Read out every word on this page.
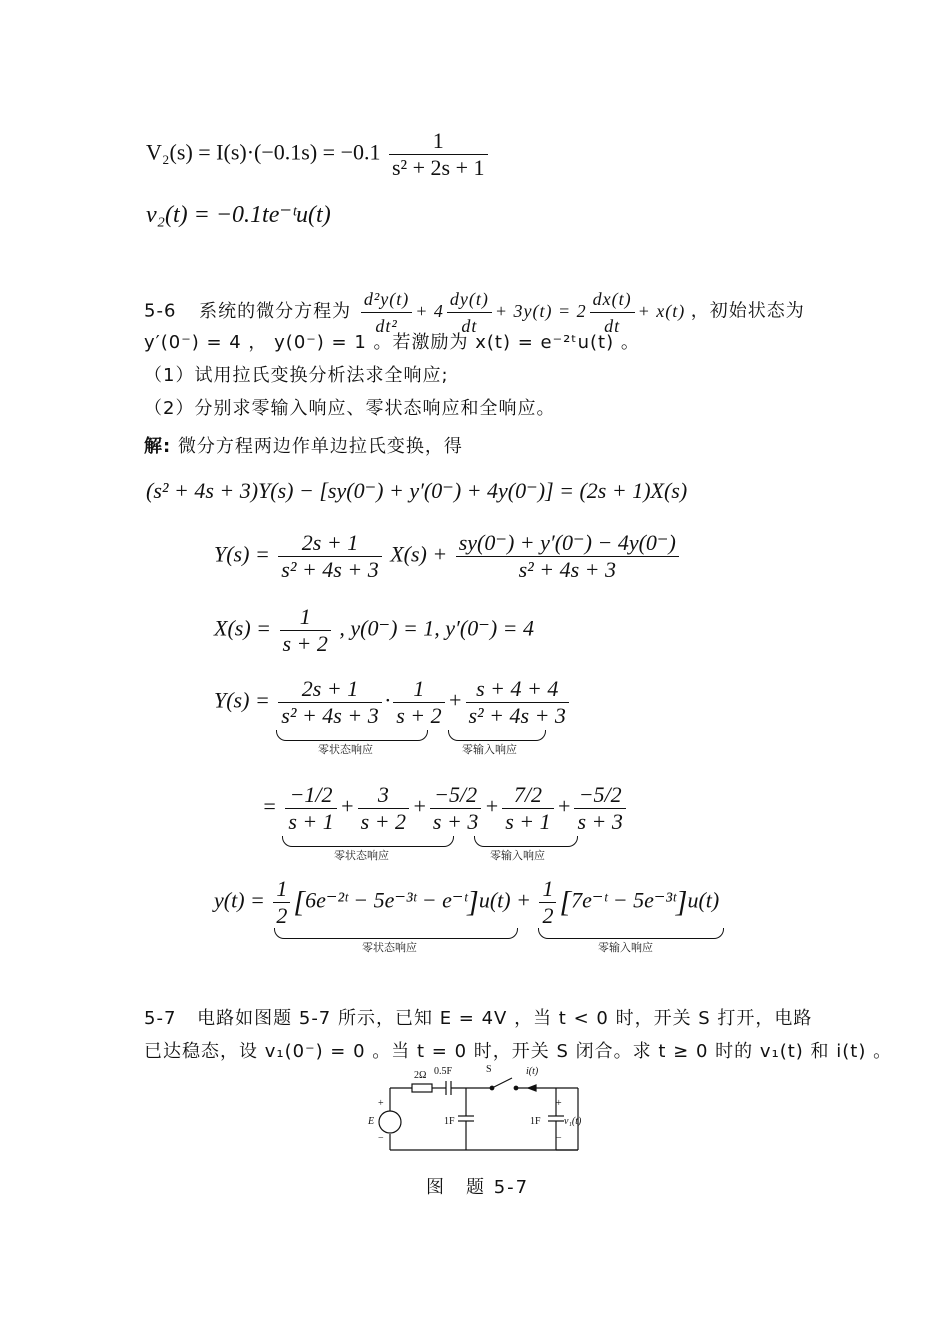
$V_2(s) = I(s)\cdot(-0.1s) = -0.1 \frac{1}{\text{s² + 2s + 1}}$
v₂(t) = −0.1te⁻ᵗu(t)
5-6 系统的微分方程为 $\frac{\text{d²y(t)}}{\text{dt²}} + 4 \frac{dy(t)}{dt} + 3y(t) = 2 \frac{dx(t)}{dt} + x(t)$ ，初始状态为
y′(0⁻) = 4 ， y(0⁻) = 1 。若激励为 x(t) = e⁻²ᵗu(t) 。
（1）试用拉氏变换分析法求全响应;
（2）分别求零输入响应、零状态响应和全响应。
解: 微分方程两边作单边拉氏变换，得
(s² + 4s + 3)Y(s) − [sy(0⁻) + y′(0⁻) + 4y(0⁻)] = (2s + 1)X(s)
$Y(s) = \frac{2s + 1}{\text{s² + 4s + 3}} X(s) + \frac{sy(0^-) + y'(0^-) - 4y(0^-)}{\text{s² + 4s + 3}}$
$X(s) = \frac{1}{s + 2}$ , y(0⁻) = 1, y′(0⁻) = 4
$Y(s) = \frac{2s + 1}{\text{s² + 4s + 3}} \cdot \frac{1}{s + 2} + \frac{s + 4 + 4}{\text{s² + 4s + 3}}$
零状态响应	零输入响应
= $\frac{-1/2}{s + 1} + \frac{3}{s + 2} + \frac{-5/2}{s + 3} + \frac{7/2}{s + 1} + \frac{-5/2}{s + 3}$
零状态响应	零输入响应
$y(t) = \frac{1}{2}$ [6e⁻²ᵗ − 5e⁻³ᵗ − e⁻ᵗ]u(t) + $\frac{1}{2}$ [7e⁻ᵗ − 5e⁻³ᵗ]u(t)
零状态响应	零输入响应
5-7 电路如图题 5-7 所示，已知 E = 4V ，当 t < 0 时，开关 S 打开，电路
已达稳态，设 v₁(0⁻) = 0 。当 t = 0 时，开关 S 闭合。求 t ≥ 0 时的 v₁(t) 和 i(t) 。
2Ω 0.5F	S	i(t)
E
+
−
1F	1F v₁(t)
+
−
图　题 5-7
